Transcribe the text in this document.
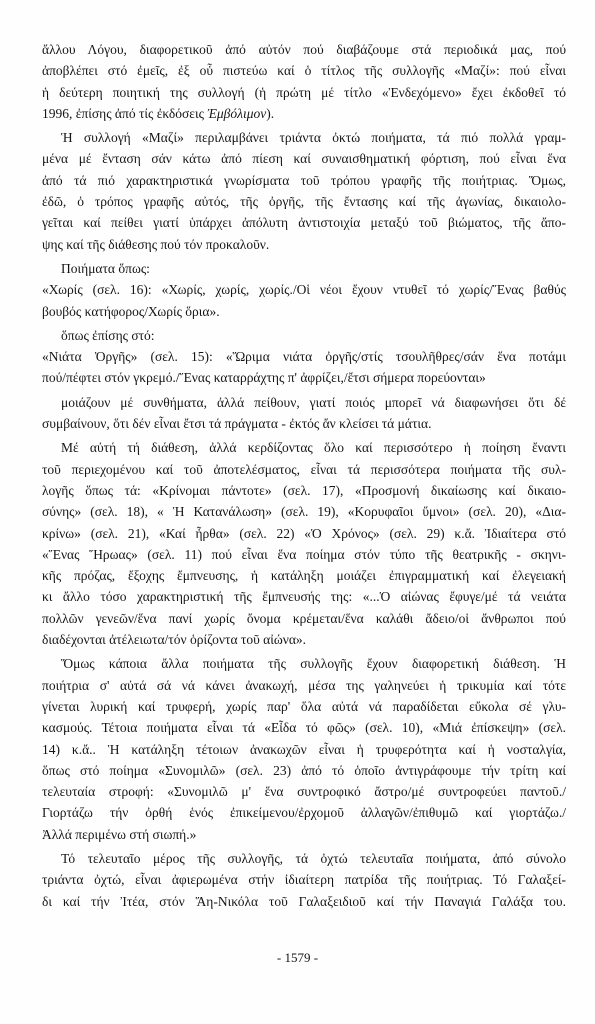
ἄλλου Λόγου, διαφορετικοῦ ἀπό αὐτόν πού διαβάζουμε στά περιοδικά μας, πού
ἀποβλέπει στό ἐμεῖς, ἐξ οὗ πιστεύω καί ὁ τίτλος τῆς συλλογῆς «Μαζί»: πού εἶναι
ἡ δεύτερη ποιητική της συλλογή (ἡ πρώτη μέ τίτλο «Ἐνδεχόμενο» ἔχει ἐκδοθεῖ τό
1996, ἐπίσης ἀπό τίς ἐκδόσεις Ἐμβόλιμον).
Ἡ συλλογή «Μαζί» περιλαμβάνει τριάντα ὀκτώ ποιήματα, τά πιό πολλά γραμ-
μένα μέ ἔνταση σάν κάτω ἀπό πίεση καί συναισθηματική φόρτιση, πού εἶναι ἕνα
ἀπό τά πιό χαρακτηριστικά γνωρίσματα τοῦ τρόπου γραφῆς τῆς ποιήτριας. Ὅμως,
ἐδῶ, ὁ τρόπος γραφῆς αὐτός, τῆς ὀργῆς, τῆς ἔντασης καί τῆς ἀγωνίας, δικαιολο-
γεῖται καί πείθει γιατί ὑπάρχει ἀπόλυτη ἀντιστοιχία μεταξύ τοῦ βιώματος, τῆς ἄπο-
ψης καί τῆς διάθεσης πού τόν προκαλοῦν.
Ποιήματα ὅπως:
«Χωρίς (σελ. 16): «Χωρίς, χωρίς, χωρίς./Οἱ νέοι ἔχουν ντυθεῖ τό χωρίς/Ἕνας βαθύς
βουβός κατήφορος/Χωρίς ὅρια».
ὅπως ἐπίσης στό:
«Νιάτα Ὀργῆς» (σελ. 15): «Ὥριμα νιάτα ὀργῆς/στίς τσουλῆθρες/σάν ἕνα ποτάμι
πού/πέφτει στόν γκρεμό./Ἕνας καταρράχτης π' ἀφρίζει,/ἔτσι σήμερα πορεύονται»
μοιάζουν μέ συνθήματα, ἀλλά πείθουν, γιατί ποιός μπορεῖ νά διαφωνήσει ὅτι δέ
συμβαίνουν, ὅτι δέν εἶναι ἔτσι τά πράγματα - ἐκτός ἄν κλείσει τά μάτια.
Μέ αὐτή τή διάθεση, ἀλλά κερδίζοντας ὅλο καί περισσότερο ἡ ποίηση ἔναντι
τοῦ περιεχομένου καί τοῦ ἀποτελέσματος, εἶναι τά περισσότερα ποιήματα τῆς συλ-
λογῆς ὅπως τά: «Κρίνομαι πάντοτε» (σελ. 17), «Προσμονή δικαίωσης καί δικαιο-
σύνης» (σελ. 18), « Ἡ Κατανάλωση» (σελ. 19), «Κορυφαῖοι ὕμνοι» (σελ. 20), «Δια-
κρίνω» (σελ. 21), «Καί ἦρθα» (σελ. 22) «Ὁ Χρόνος» (σελ. 29) κ.ἄ. Ἰδιαίτερα στό
«Ἕνας Ἥρωας» (σελ. 11) πού εἶναι ἕνα ποίημα στόν τύπο τῆς θεατρικῆς - σκηνι-
κῆς πρόζας, ἔξοχης ἔμπνευσης, ἡ κατάληξη μοιάζει ἐπιγραμματική καί ἐλεγειακή
κι ἄλλο τόσο χαρακτηριστική τῆς ἔμπνευσής της: «...Ὁ αἰώνας ἔφυγε/μέ τά νειάτα
πολλῶν γενεῶν/ἕνα πανί χωρίς ὄνομα κρέμεται/ἕνα καλάθι ἄδειο/οἱ ἄνθρωποι πού
διαδέχονται ἀτέλειωτα/τόν ὁρίζοντα τοῦ αἰώνα».
Ὅμως κάποια ἄλλα ποιήματα τῆς συλλογῆς ἔχουν διαφορετική διάθεση. Ἡ
ποιήτρια σ' αὐτά σά νά κάνει ἀνακωχή, μέσα της γαληνεύει ἡ τρικυμία καί τότε
γίνεται λυρική καί τρυφερή, χωρίς παρ' ὅλα αὐτά νά παραδίδεται εὔκολα σέ γλυ-
κασμούς. Τέτοια ποιήματα εἶναι τά «Εἶδα τό φῶς» (σελ. 10), «Μιά ἐπίσκεψη» (σελ.
14) κ.ἄ.. Ἡ κατάληξη τέτοιων ἀνακωχῶν εἶναι ἡ τρυφερότητα καί ἡ νοσταλγία,
ὅπως στό ποίημα «Συνομιλῶ» (σελ. 23) ἀπό τό ὁποῖο ἀντιγράφουμε τήν τρίτη καί
τελευταία στροφή: «Συνομιλῶ μ' ἕνα συντροφικό ἄστρο/μέ συντροφεύει παντοῦ./
Γιορτάζω τήν ὀρθή ἑνός ἐπικείμενου/ἐρχομοῦ ἀλλαγῶν/ἐπιθυμῶ καί γιορτάζω./
Ἀλλά περιμένω στή σιωπή.»
Τό τελευταῖο μέρος τῆς συλλογῆς, τά ὀχτώ τελευταῖα ποιήματα, ἀπό σύνολο
τριάντα ὀχτώ, εἶναι ἀφιερωμένα στήν ἰδιαίτερη πατρίδα τῆς ποιήτριας. Τό Γαλαξεί-
δι καί τήν Ἰτέα, στόν Ἅη-Νικόλα τοῦ Γαλαξειδιοῦ καί τήν Παναγιά Γαλάξα του.
- 1579 -
